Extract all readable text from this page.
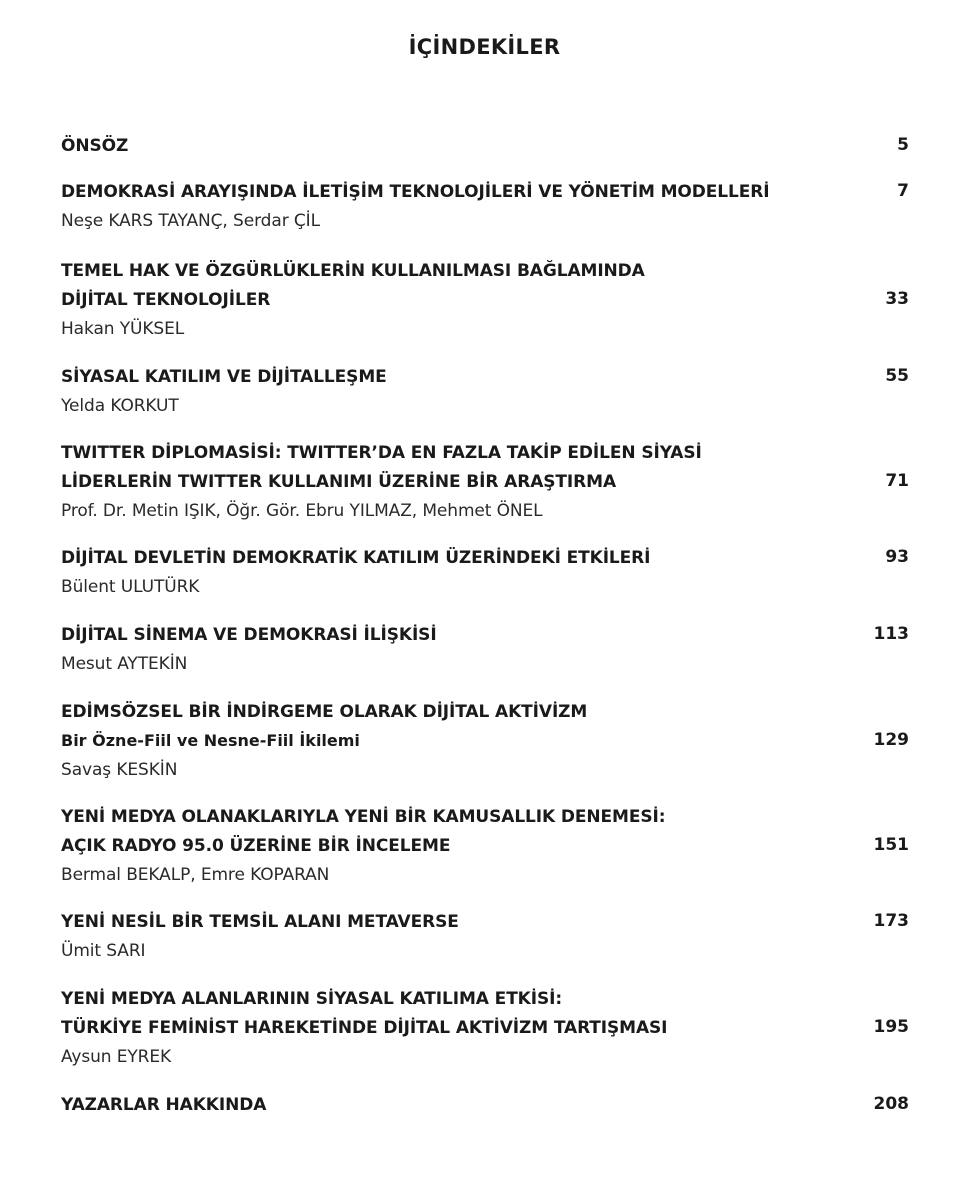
İÇİNDEKİLER
ÖNSÖZ	5
DEMOKRASİ ARAYIŞINDA İLETİŞİM TEKNOLOJİLERİ VE YÖNETİM MODELLERİ	7
Neşe KARS TAYANÇ, Serdar ÇİL
TEMEL HAK VE ÖZGÜRLÜKLERİN KULLANILMASI BAĞLAMINDA
DİJİTAL TEKNOLOJİLER	33
Hakan YÜKSEL
SİYASAL KATILIM VE DİJİTALLEŞME	55
Yelda KORKUT
TWITTER DİPLOMASİSİ: TWITTER’DA EN FAZLA TAKİP EDİLEN SİYASİ
LİDERLERİN TWITTER KULLANIMI ÜZERİNE BİR ARAŞTIRMA	71
Prof. Dr. Metin IŞIK, Öğr. Gör. Ebru YILMAZ, Mehmet ÖNEL
DİJİTAL DEVLETİN DEMOKRATİK KATILIM ÜZERİNDEKİ ETKİLERİ	93
Bülent ULUTÜRK
DİJİTAL SİNEMA VE DEMOKRASİ İLİŞKİSİ	113
Mesut AYTEKİN
EDİMSÖZSEL BİR İNDİRGEME OLARAK DİJİTAL AKTİVİZM
Bir Özne-Fiil ve Nesne-Fiil İkilemi	129
Savaş KESKİN
YENİ MEDYA OLANAKLARIYLA YENİ BİR KAMUSALLIK DENEMESİ:
AÇIK RADYO 95.0 ÜZERİNE BİR İNCELEME	151
Bermal BEKALP, Emre KOPARAN
YENİ NESİL BİR TEMSİL ALANI METAVERSE	173
Ümit SARI
YENİ MEDYA ALANLARININ SİYASAL KATILIMA ETKİSİ:
TÜRKİYE FEMİNİST HAREKETİNDE DİJİTAL AKTİVİZM TARTIŞMASI	195
Aysun EYREK
YAZARLAR HAKKINDA	208
